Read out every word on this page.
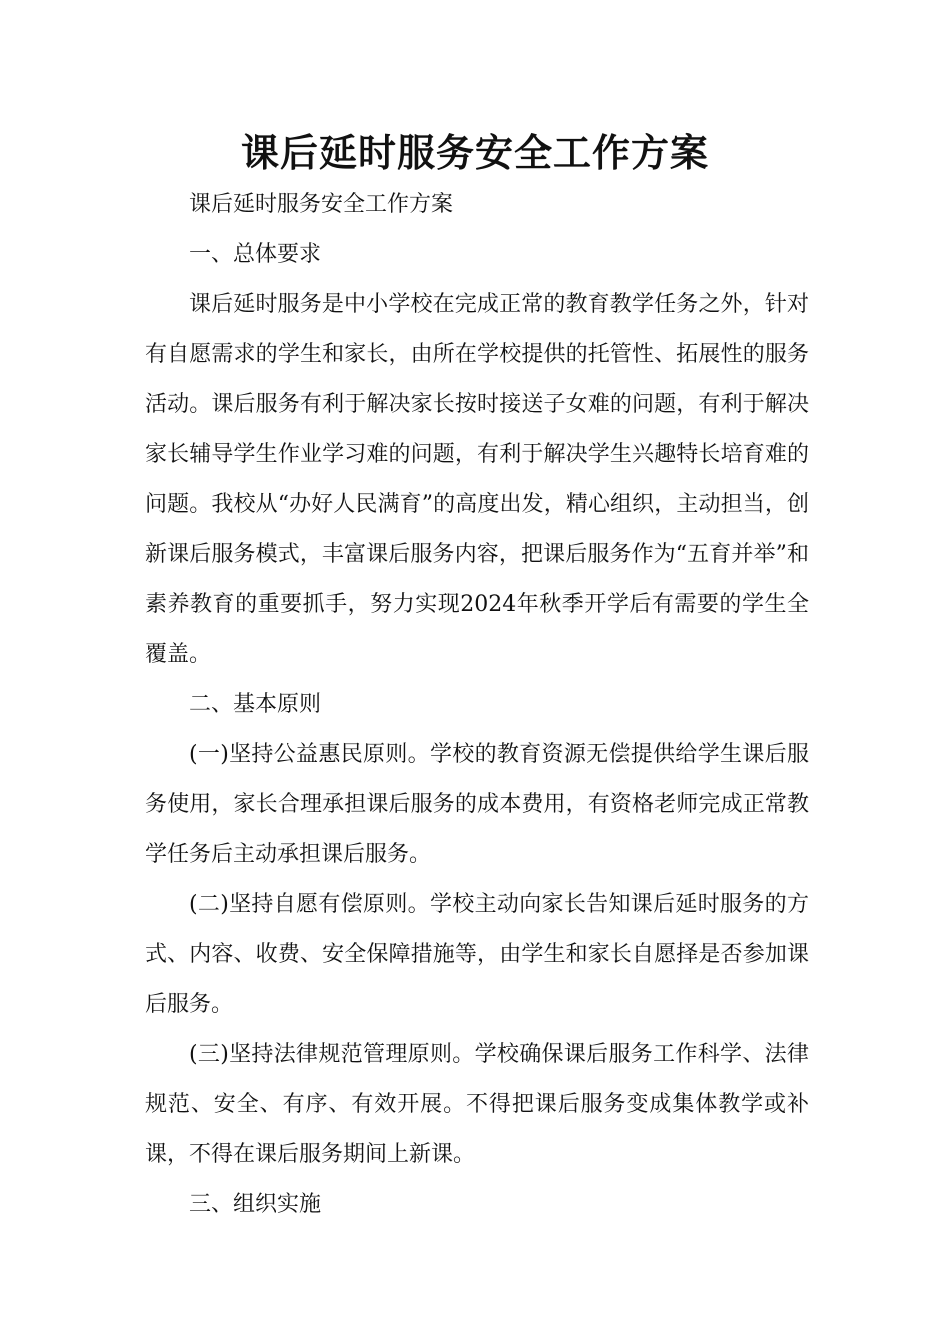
课后延时服务安全工作方案

课后延时服务安全工作方案

一、总体要求

课后延时服务是中小学校在完成正常的教育教学任务之外，针对有自愿需求的学生和家长，由所在学校提供的托管性、拓展性的服务活动。课后服务有利于解决家长按时接送子女难的问题，有利于解决家长辅导学生作业学习难的问题，有利于解决学生兴趣特长培育难的问题。我校从“办好人民满育”的高度出发，精心组织，主动担当，创新课后服务模式，丰富课后服务内容，把课后服务作为“五育并举”和素养教育的重要抓手，努力实现2024年秋季开学后有需要的学生全覆盖。

二、基本原则

(一)坚持公益惠民原则。学校的教育资源无偿提供给学生课后服务使用，家长合理承担课后服务的成本费用，有资格老师完成正常教学任务后主动承担课后服务。

(二)坚持自愿有偿原则。学校主动向家长告知课后延时服务的方式、内容、收费、安全保障措施等，由学生和家长自愿择是否参加课后服务。

(三)坚持法律规范管理原则。学校确保课后服务工作科学、法律规范、安全、有序、有效开展。不得把课后服务变成集体教学或补课，不得在课后服务期间上新课。

三、组织实施
